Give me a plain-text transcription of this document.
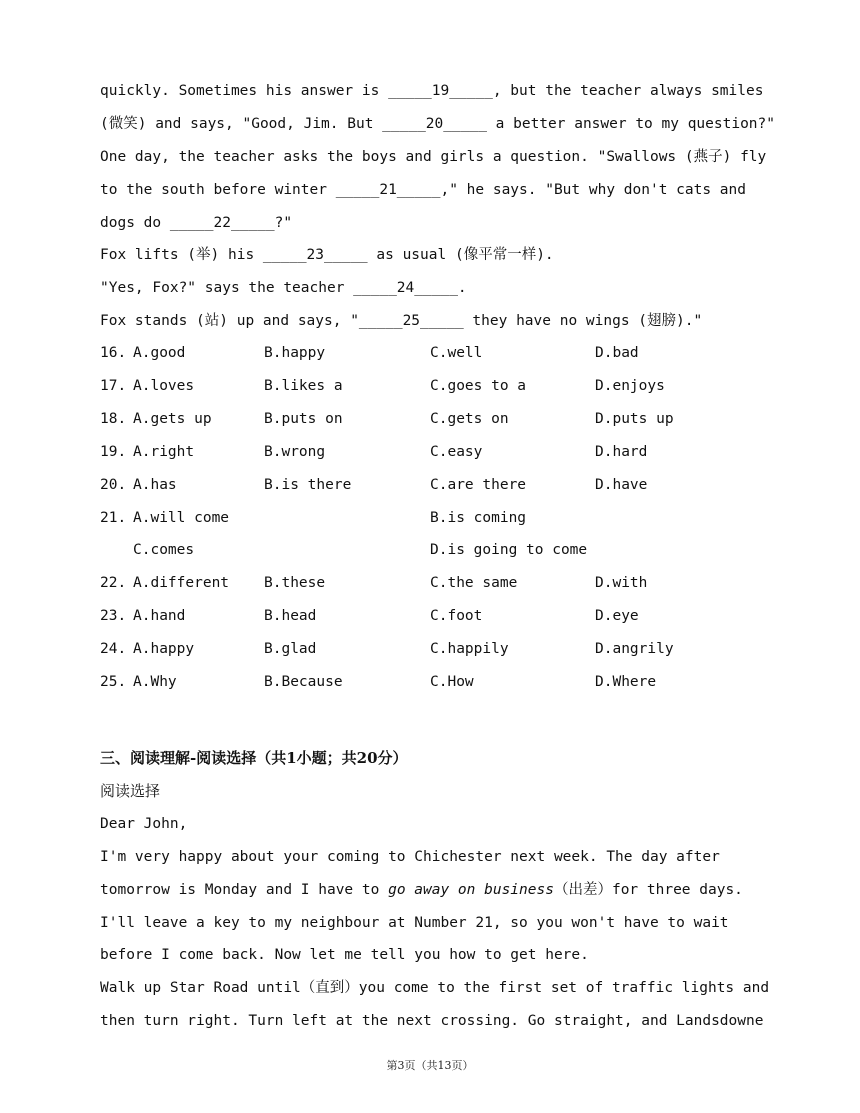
quickly. Sometimes his answer is _____19_____, but the teacher always smiles
(微笑) and says, "Good, Jim. But _____20_____ a better answer to my question?"
One day, the teacher asks the boys and girls a question. "Swallows (燕子) fly
to the south before winter _____21_____," he says. "But why don't cats and
dogs do _____22_____?"
Fox lifts (举) his _____23_____ as usual (像平常一样).
"Yes, Fox?" says the teacher _____24_____.
Fox stands (站) up and says, "_____25_____ they have no wings (翅膀)."
16. A.good	B.happy	C.well	D.bad
17. A.loves	B.likes a	C.goes to a	D.enjoys
18. A.gets up	B.puts on	C.gets on	D.puts up
19. A.right	B.wrong	C.easy	D.hard
20. A.has	B.is there	C.are there	D.have
21. A.will come	B.is coming
C.comes	D.is going to come
22. A.different B.these	C.the same	D.with
23. A.hand	B.head	C.foot	D.eye
24. A.happy	B.glad	C.happily	D.angrily
25. A.Why	B.Because	C.How	D.Where
三、阅读理解-阅读选择（共1小题；共20分）
阅读选择
Dear John,
I'm very happy about your coming to Chichester next week. The day after
tomorrow is Monday and I have to go away on business（出差）for three days.
I'll leave a key to my neighbour at Number 21, so you won't have to wait
before I come back. Now let me tell you how to get here.
Walk up Star Road until（直到）you come to the first set of traffic lights and
then turn right. Turn left at the next crossing. Go straight, and Landsdowne
第3页（共13页）
